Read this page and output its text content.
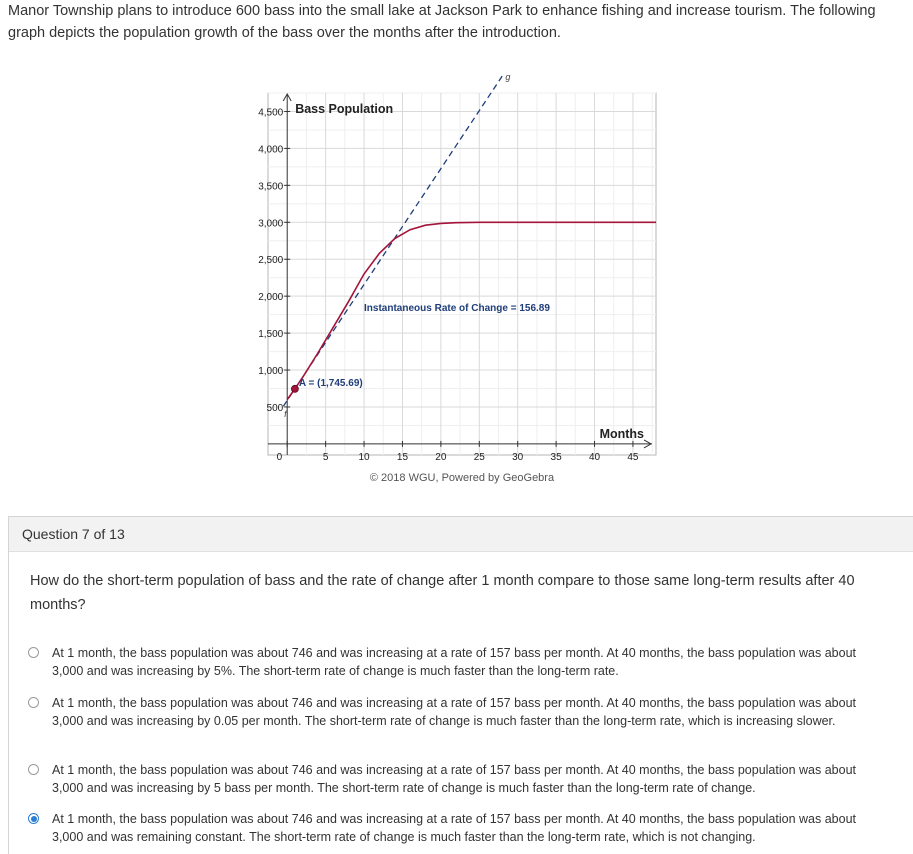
Manor Township plans to introduce 600 bass into the small lake at Jackson Park to enhance fishing and increase tourism. The following graph depicts the population growth of the bass over the months after the introduction.

500
1,000
1,500
2,000
2,500
3,000
3,500
4,000
4,500
0	5	10	15	20	25	30	35	40	45
Bass Population
Months
g
f
A = (1,745.69)
Instantaneous Rate of Change = 156.89
© 2018 WGU, Powered by GeoGebra
Question 7 of 13

How do the short-term population of bass and the rate of change after 1 month compare to those same long-term results after 40 months?

At 1 month, the bass population was about 746 and was increasing at a rate of 157 bass per month. At 40 months, the bass population was about 3,000 and was increasing by 5%. The short-term rate of change is much faster than the long-term rate.
At 1 month, the bass population was about 746 and was increasing at a rate of 157 bass per month. At 40 months, the bass population was about 3,000 and was increasing by 0.05 per month. The short-term rate of change is much faster than the long-term rate, which is increasing slower.
At 1 month, the bass population was about 746 and was increasing at a rate of 157 bass per month. At 40 months, the bass population was about 3,000 and was increasing by 5 bass per month. The short-term rate of change is much faster than the long-term rate of change.
At 1 month, the bass population was about 746 and was increasing at a rate of 157 bass per month. At 40 months, the bass population was about 3,000 and was remaining constant. The short-term rate of change is much faster than the long-term rate, which is not changing.
